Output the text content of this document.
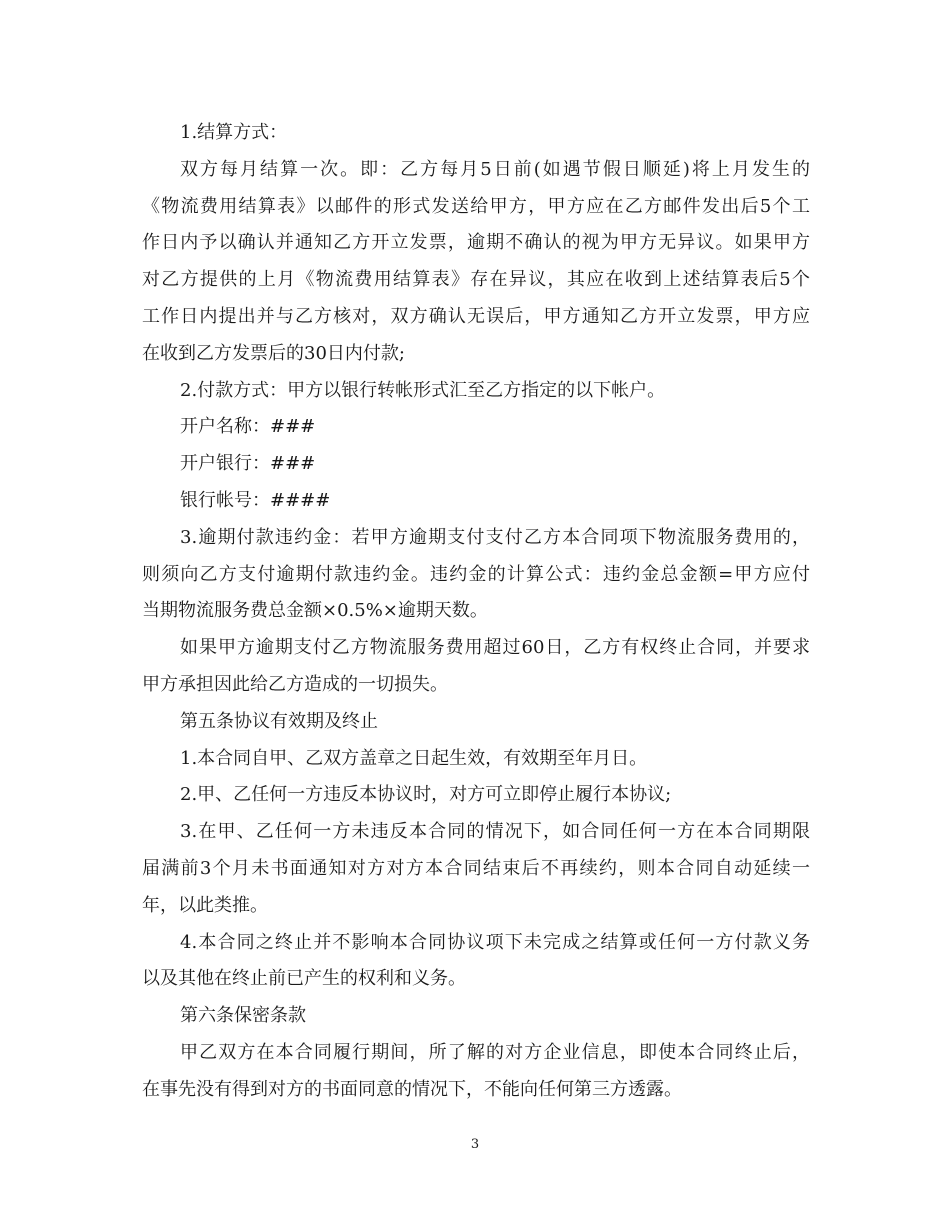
1.结算方式：
双方每月结算一次。即：乙方每月5日前(如遇节假日顺延)将上月发生的
《物流费用结算表》以邮件的形式发送给甲方，甲方应在乙方邮件发出后5个工
作日内予以确认并通知乙方开立发票，逾期不确认的视为甲方无异议。如果甲方
对乙方提供的上月《物流费用结算表》存在异议，其应在收到上述结算表后5个
工作日内提出并与乙方核对，双方确认无误后，甲方通知乙方开立发票，甲方应
在收到乙方发票后的30日内付款;
2.付款方式：甲方以银行转帐形式汇至乙方指定的以下帐户。
开户名称：###
开户银行：###
银行帐号：####
3.逾期付款违约金：若甲方逾期支付支付乙方本合同项下物流服务费用的，
则须向乙方支付逾期付款违约金。违约金的计算公式：违约金总金额=甲方应付
当期物流服务费总金额×0.5%×逾期天数。
如果甲方逾期支付乙方物流服务费用超过60日，乙方有权终止合同，并要求
甲方承担因此给乙方造成的一切损失。
第五条协议有效期及终止
1.本合同自甲、乙双方盖章之日起生效，有效期至年月日。
2.甲、乙任何一方违反本协议时，对方可立即停止履行本协议;
3.在甲、乙任何一方未违反本合同的情况下，如合同任何一方在本合同期限
届满前3个月未书面通知对方对方本合同结束后不再续约，则本合同自动延续一
年，以此类推。
4.本合同之终止并不影响本合同协议项下未完成之结算或任何一方付款义务
以及其他在终止前已产生的权利和义务。
第六条保密条款
甲乙双方在本合同履行期间，所了解的对方企业信息，即使本合同终止后，
在事先没有得到对方的书面同意的情况下，不能向任何第三方透露。
3
